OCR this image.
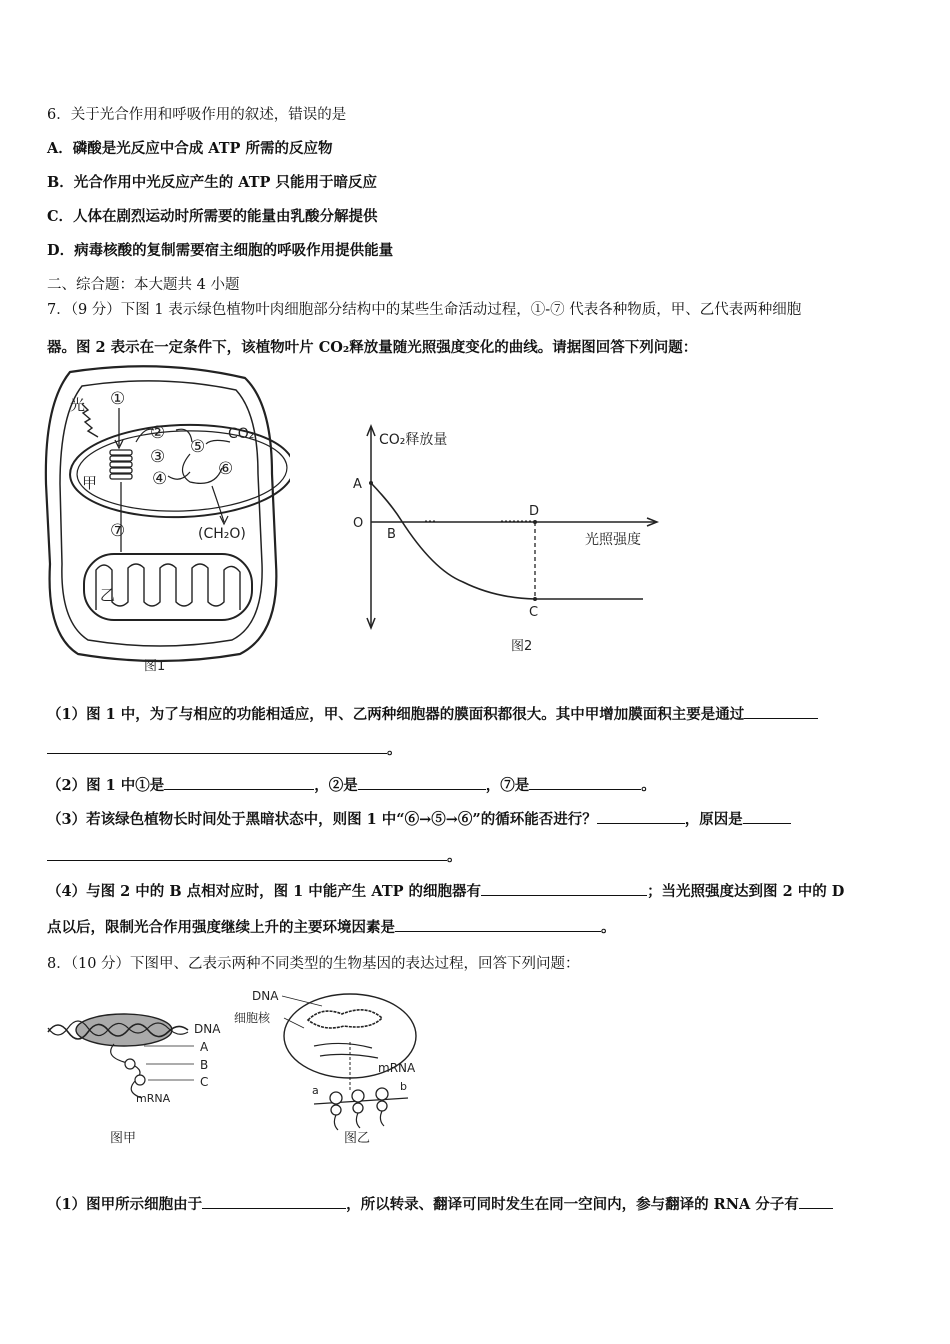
6．关于光合作用和呼吸作用的叙述，错误的是
A．磷酸是光反应中合成 ATP 所需的反应物
B．光合作用中光反应产生的 ATP 只能用于暗反应
C．人体在剧烈运动时所需要的能量由乳酸分解提供
D．病毒核酸的复制需要宿主细胞的呼吸作用提供能量
二、综合题：本大题共 4 小题
7．（9 分）下图 1 表示绿色植物叶肉细胞部分结构中的某些生命活动过程，①-⑦ 代表各种物质，甲、乙代表两种细胞
器。图 2 表示在一定条件下，该植物叶片 CO₂释放量随光照强度变化的曲线。请据图回答下列问题：
光 ①
②
③
④
⑤
⑥
CO₂
(CH₂O)
甲
⑦
乙
图1
CO₂释放量
光照强度
A
O
B
D
C
图2
（1）图 1 中，为了与相应的功能相适应，甲、乙两种细胞器的膜面积都很大。其中甲增加膜面积主要是通过
。
（2）图 1 中①是	，②是	，⑦是	。
（3）若该绿色植物长时间处于黑暗状态中，则图 1 中“⑥→⑤→⑥”的循环能否进行？	，原因是
。
（4）与图 2 中的 B 点相对应时，图 1 中能产生 ATP 的细胞器有	；当光照强度达到图 2 中的 D
点以后，限制光合作用强度继续上升的主要环境因素是	。
8．（10 分）下图甲、乙表示两种不同类型的生物基因的表达过程，回答下列问题：
DNA
A
B
C
mRNA
图甲
DNA
细胞核
mRNA
a	b
图乙
（1）图甲所示细胞由于	，所以转录、翻译可同时发生在同一空间内，参与翻译的 RNA 分子有
